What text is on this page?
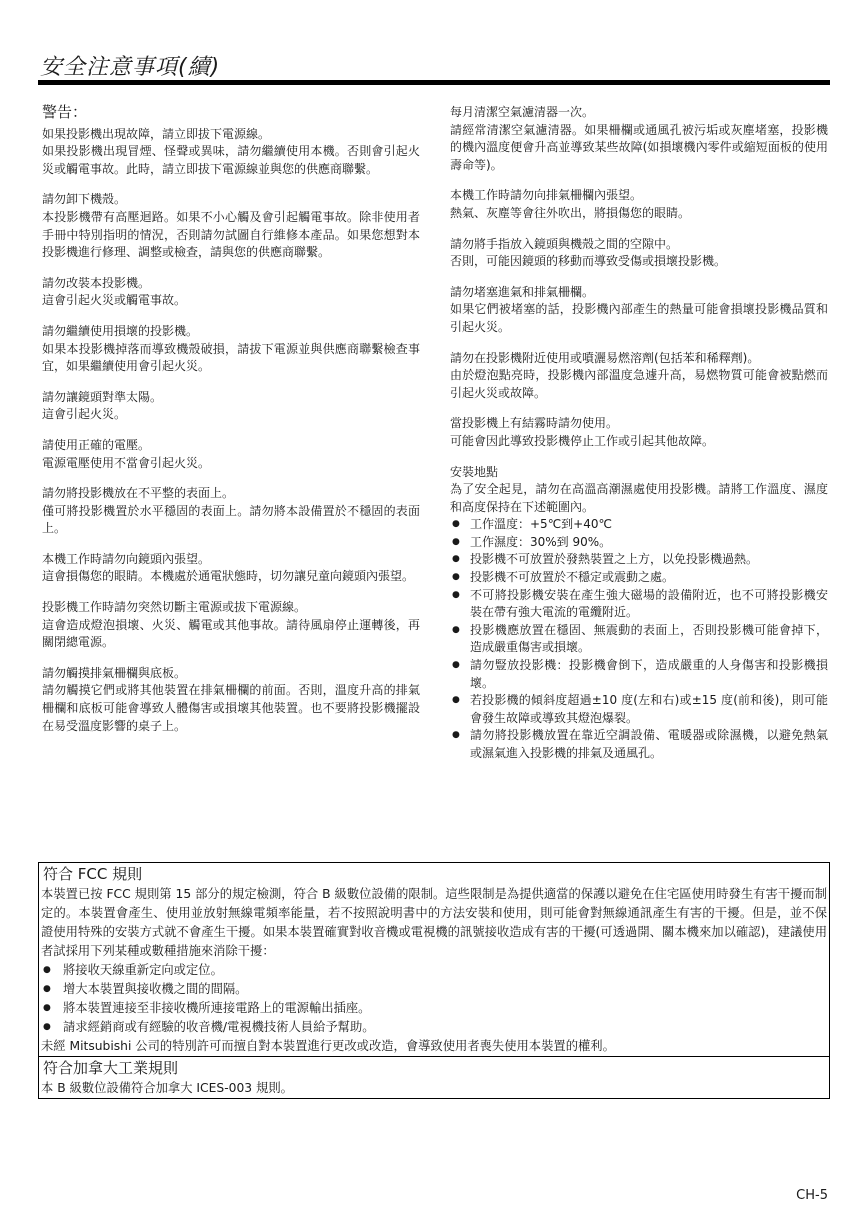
安全注意事項(續)
警告：

如果投影機出現故障，請立即拔下電源線。

如果投影機出現冒煙、怪聲或異味，請勿繼續使用本機。否則會引起火災或觸電事故。此時，請立即拔下電源線並與您的供應商聯繫。

請勿卸下機殼。

本投影機帶有高壓迴路。如果不小心觸及會引起觸電事故。除非使用者手冊中特別指明的情況，否則請勿試圖自行維修本產品。如果您想對本投影機進行修理、調整或檢查，請與您的供應商聯繫。

請勿改裝本投影機。

這會引起火災或觸電事故。

請勿繼續使用損壞的投影機。

如果本投影機掉落而導致機殼破損，請拔下電源並與供應商聯繫檢查事宜，如果繼續使用會引起火災。

請勿讓鏡頭對準太陽。

這會引起火災。

請使用正確的電壓。

電源電壓使用不當會引起火災。

請勿將投影機放在不平整的表面上。

僅可將投影機置於水平穩固的表面上。請勿將本設備置於不穩固的表面上。

本機工作時請勿向鏡頭內張望。

這會損傷您的眼睛。本機處於通電狀態時，切勿讓兒童向鏡頭內張望。

投影機工作時請勿突然切斷主電源或拔下電源線。

這會造成燈泡損壞、火災、觸電或其他事故。請待風扇停止運轉後，再關閉總電源。

請勿觸摸排氣柵欄與底板。

請勿觸摸它們或將其他裝置在排氣柵欄的前面。否則，溫度升高的排氣柵欄和底板可能會導致人體傷害或損壞其他裝置。也不要將投影機擺設在易受溫度影響的桌子上。

每月清潔空氣濾清器一次。

請經常清潔空氣濾清器。如果柵欄或通風孔被污垢或灰塵堵塞，投影機的機內溫度便會升高並導致某些故障(如損壞機內零件或縮短面板的使用壽命等)。

本機工作時請勿向排氣柵欄內張望。

熱氣、灰塵等會往外吹出，將損傷您的眼睛。

請勿將手指放入鏡頭與機殼之間的空隙中。

否則，可能因鏡頭的移動而導致受傷或損壞投影機。

請勿堵塞進氣和排氣柵欄。

如果它們被堵塞的話，投影機內部產生的熱量可能會損壞投影機品質和引起火災。

請勿在投影機附近使用或噴灑易燃溶劑(包括苯和稀釋劑)。

由於燈泡點亮時，投影機內部溫度急遽升高，易燃物質可能會被點燃而引起火災或故障。

當投影機上有結霧時請勿使用。

可能會因此導致投影機停止工作或引起其他故障。

安裝地點

為了安全起見，請勿在高溫高潮濕處使用投影機。請將工作溫度、濕度和高度保持在下述範圍內。

● 工作溫度：+5℃到+40℃
● 工作濕度：30%到 90%。
● 投影機不可放置於發熱裝置之上方，以免投影機過熱。
● 投影機不可放置於不穩定或震動之處。
● 不可將投影機安裝在產生強大磁場的設備附近，也不可將投影機安裝在帶有強大電流的電纜附近。
● 投影機應放置在穩固、無震動的表面上，否則投影機可能會掉下，造成嚴重傷害或損壞。
● 請勿豎放投影機：投影機會倒下，造成嚴重的人身傷害和投影機損壞。
● 若投影機的傾斜度超過±10 度(左和右)或±15 度(前和後)，則可能會發生故障或導致其燈泡爆裂。
● 請勿將投影機放置在靠近空調設備、電暖器或除濕機，以避免熱氣或濕氣進入投影機的排氣及通風孔。
符合 FCC 規則

本裝置已按 FCC 規則第 15 部分的規定檢測，符合 B 級數位設備的限制。這些限制是為提供適當的保護以避免在住宅區使用時發生有害干擾而制定的。本裝置會產生、使用並放射無線電頻率能量，若不按照說明書中的方法安裝和使用，則可能會對無線通訊產生有害的干擾。但是，並不保證使用特殊的安裝方式就不會產生干擾。如果本裝置確實對收音機或電視機的訊號接收造成有害的干擾(可透過開、關本機來加以確認)，建議使用者試採用下列某種或數種措施來消除干擾：

● 將接收天線重新定向或定位。
● 增大本裝置與接收機之間的間隔。
● 將本裝置連接至非接收機所連接電路上的電源輸出插座。
● 請求經銷商或有經驗的收音機/電視機技術人員給予幫助。

未經 Mitsubishi 公司的特別許可而擅自對本裝置進行更改或改造，會導致使用者喪失使用本裝置的權利。

符合加拿大工業規則

本 B 級數位設備符合加拿大 ICES-003 規則。

CH-5
